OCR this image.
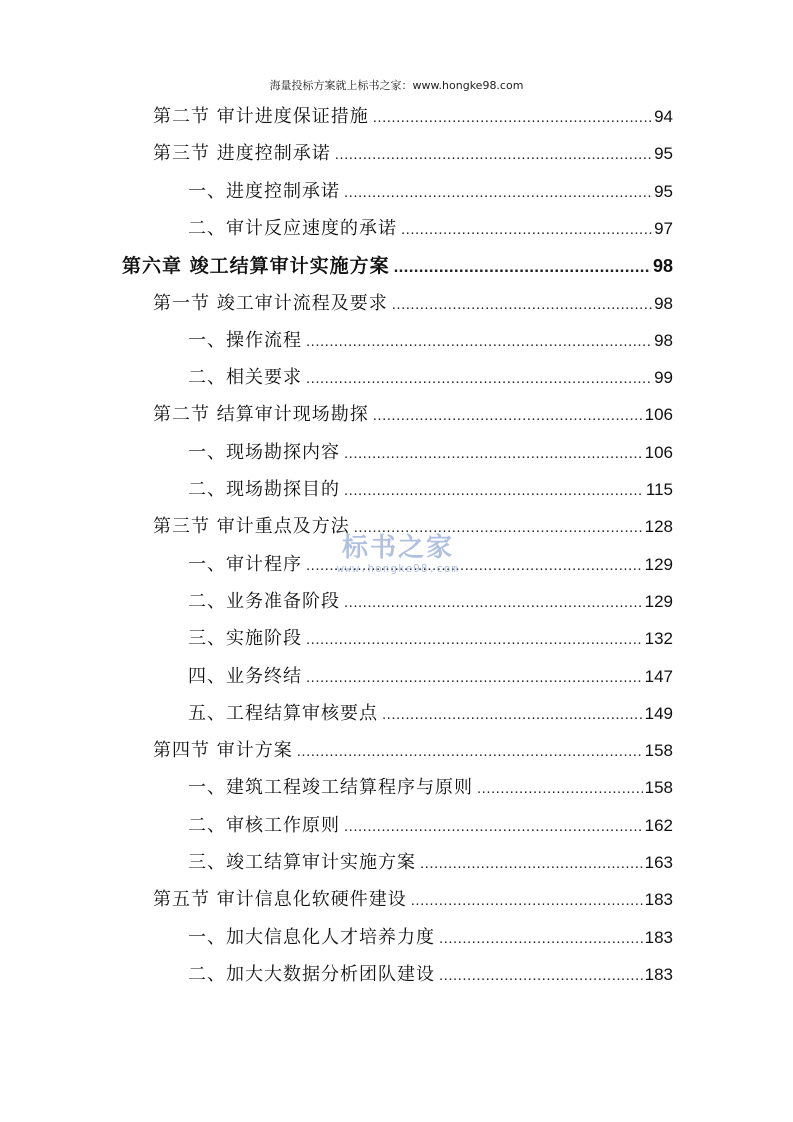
海量投标方案就上标书之家：www.hongke98.com
第二节 审计进度保证措施 .....	94
第三节 进度控制承诺 .....	95
一、进度控制承诺 .....	95
二、审计反应速度的承诺 .....	97
第六章 竣工结算审计实施方案 .....	98
第一节 竣工审计流程及要求 .....	98
一、操作流程 .....	98
二、相关要求 .....	99
第二节 结算审计现场勘探 .....	106
一、现场勘探内容 .....	106
二、现场勘探目的 .....	115
第三节 审计重点及方法 .....	128
一、审计程序 .....	129
二、业务准备阶段 .....	129
三、实施阶段 .....	132
四、业务终结 .....	147
五、工程结算审核要点 .....	149
第四节 审计方案 .....	158
一、建筑工程竣工结算程序与原则 .....	158
二、审核工作原则 .....	162
三、竣工结算审计实施方案 .....	163
第五节 审计信息化软硬件建设 .....	183
一、加大信息化人才培养力度 .....	183
二、加大大数据分析团队建设 .....	183
标书之家
www.hongke98.com
